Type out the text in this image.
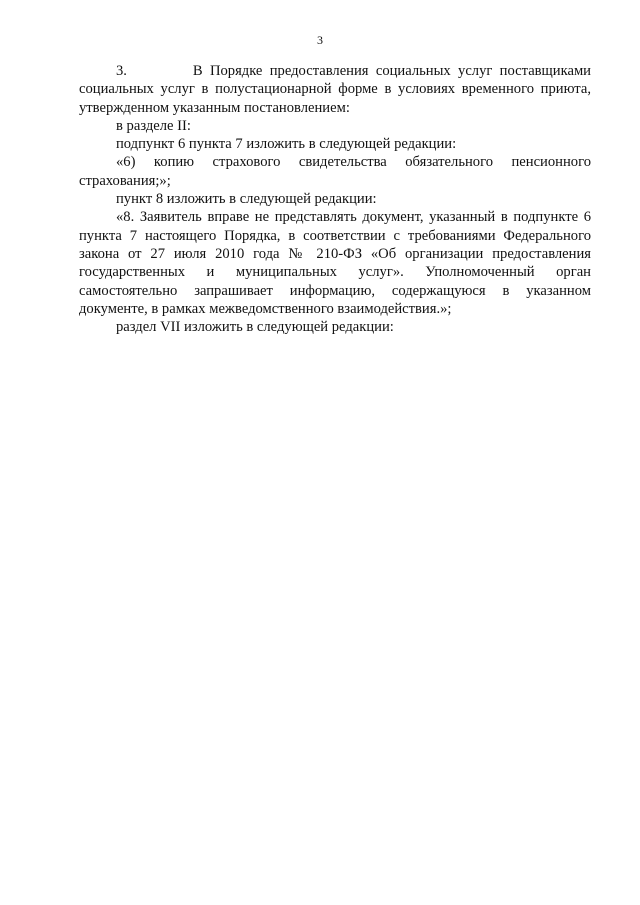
3

3.         В Порядке предоставления социальных услуг поставщиками социальных услуг в полустационарной форме в условиях временного приюта, утвержденном указанным постановлением:

в разделе II:

подпункт 6 пункта 7 изложить в следующей редакции:

«6) копию страхового свидетельства обязательного пенсионного страхования;»;

пункт 8 изложить в следующей редакции:

«8. Заявитель вправе не представлять документ, указанный в подпункте 6 пункта 7 настоящего Порядка, в соответствии с требованиями Федерального закона от 27 июля 2010 года № 210-ФЗ «Об организации предоставления государственных и муниципальных услуг». Уполномоченный орган самостоятельно запрашивает информацию, содержащуюся в указанном документе, в рамках межведомственного взаимодействия.»;

раздел VII изложить в следующей редакции:
